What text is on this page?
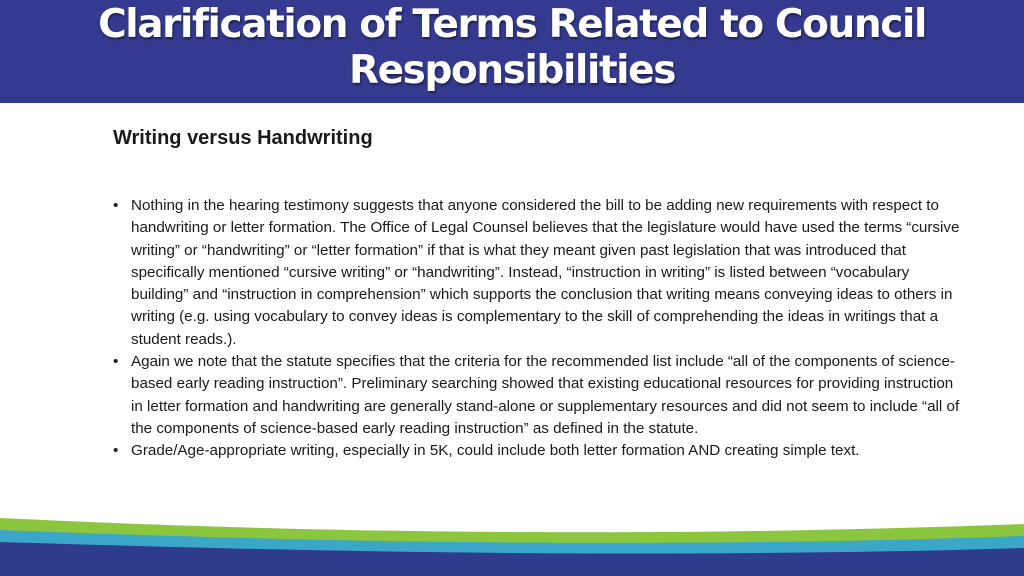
Clarification of Terms Related to Council
Responsibilities
Writing versus Handwriting
• Nothing in the hearing testimony suggests that anyone considered the bill to be adding new requirements with respect to handwriting or letter formation. The Office of Legal Counsel believes that the legislature would have used the terms “cursive writing” or “handwriting” or “letter formation” if that is what they meant given past legislation that was introduced that specifically mentioned “cursive writing” or “handwriting”. Instead, “instruction in writing” is listed between “vocabulary building” and “instruction in comprehension” which supports the conclusion that writing means conveying ideas to others in writing (e.g. using vocabulary to convey ideas is complementary to the skill of comprehending the ideas in writings that a student reads.).
• Again we note that the statute specifies that the criteria for the recommended list include “all of the components of science-based early reading instruction”. Preliminary searching showed that existing educational resources for providing instruction in letter formation and handwriting are generally stand-alone or supplementary resources and did not seem to include “all of the components of science-based early reading instruction” as defined in the statute.
• Grade/Age-appropriate writing, especially in 5K, could include both letter formation AND creating simple text.
